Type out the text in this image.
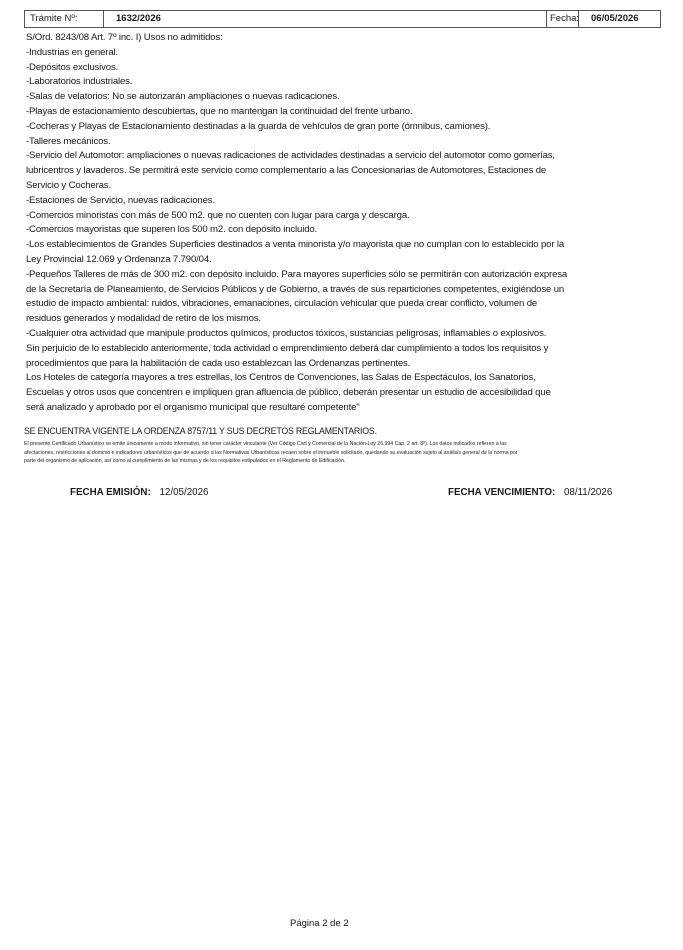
Trámite Nº:	1632/2026	Fecha: 06/05/2026
S/Ord. 8243/08 Art. 7º inc. I) Usos no admitidos:
-Industrias en general.
-Depósitos exclusivos.
-Laboratorios industriales.
-Salas de velatorios: No se autorizarán ampliaciones o nuevas radicaciones.
-Playas de estacionamiento descubiertas, que no mantengan la continuidad del frente urbano.
-Cocheras y Playas de Estacionamiento destinadas a la guarda de vehículos de gran porte (ómnibus, camiones).
-Talleres mecánicos.
-Servicio del Automotor: ampliaciones o nuevas radicaciones de actividades destinadas a servicio del automotor como gomerías,
lubricentros y lavaderos. Se permitirá este servicio como complementario a las Concesionarias de Automotores, Estaciones de
Servicio y Cocheras.
-Estaciones de Servicio, nuevas radicaciones.
-Comercios minoristas con más de 500 m2. que no cuenten con lugar para carga y descarga.
-Comercios mayoristas que superen los 500 m2. con depósito incluido.
-Los establecimientos de Grandes Superficies destinados a venta minorista y/o mayorista que no cumplan con lo establecido por la
Ley Provincial 12.069 y Ordenanza 7.790/04.
-Pequeños Talleres de más de 300 m2. con depósito incluido. Para mayores superficies sólo se permitirán con autorización expresa
de la Secretaría de Planeamiento, de Servicios Públicos y de Gobierno, a través de sus reparticiones competentes, exigiéndose un
estudio de impacto ambiental: ruidos, vibraciones, emanaciones, circulación vehicular que pueda crear conflicto, volumen de
residuos generados y modalidad de retiro de los mismos.
-Cualquier otra actividad que manipule productos químicos, productos tóxicos, sustancias peligrosas, inflamables o explosivos.
Sin perjuicio de lo establecido anteriormente, toda actividad o emprendimiento deberá dar cumplimiento a todos los requisitos y
procedimientos que para la habilitación de cada uso establezcan las Ordenanzas pertinentes.
Los Hoteles de categoría mayores a tres estrellas, los Centros de Convenciones, las Salas de Espectáculos, los Sanatorios,
Escuelas y otros usos que concentren e impliquen gran afluencia de público, deberán presentar un estudio de accesibilidad que
será analizado y aprobado por el organismo municipal que resultaré competente"
SE ENCUENTRA VIGENTE LA ORDENZA 8757/11 Y SUS DECRETOS REGLAMENTARIOS.
El presente Certificado Urbanístico se emite únicamente a modo informativo, sin tener carácter vinculante (Ver Código Civil y Comercial de la Nación-Ley 26.994 Cap. 2 art. 8º). Los datos indicados refieren a las
afectaciones, restricciones al dominio e indicadores urbanísticos que de acuerdo a las Normativas Urbanísticas recaen sobre el inmueble solicitado, quedando su evaluación sujeto al análisis general de la norma por
parte del organismo de aplicación, así como al cumplimiento de las mismas y de los requisitos estipulados en el Reglamento de Edificación.
FECHA EMISIÓN: 12/05/2026	FECHA VENCIMIENTO: 08/11/2026
Página 2 de 2
